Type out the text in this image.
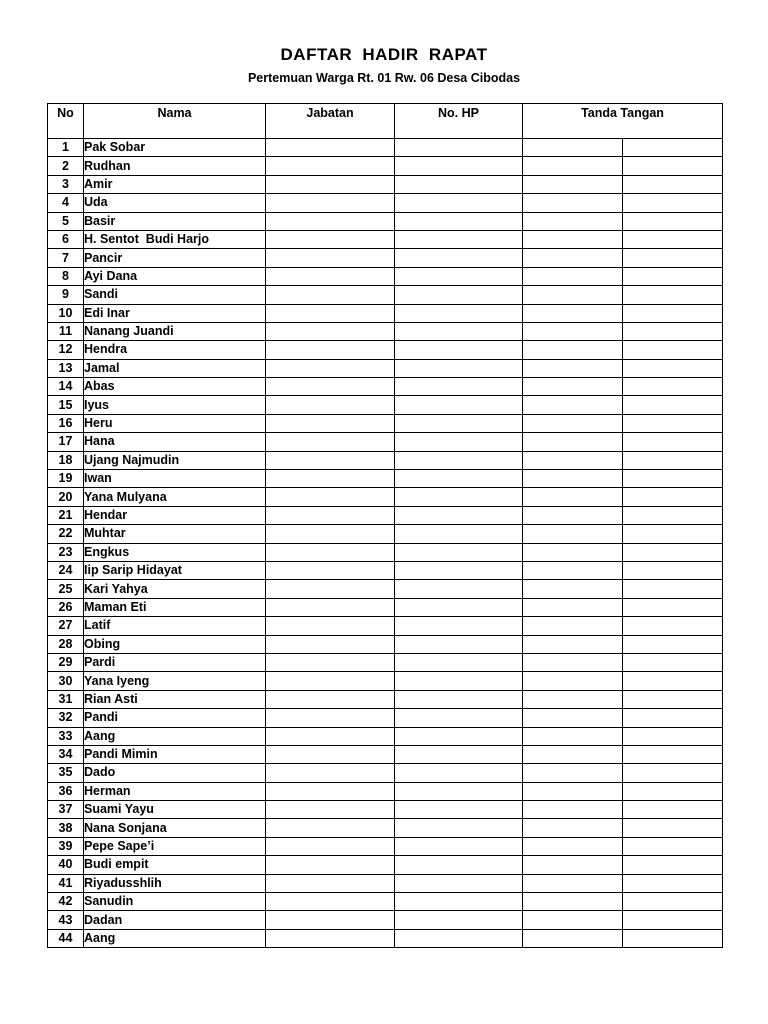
DAFTAR HADIR RAPAT

Pertemuan Warga Rt. 01 Rw. 06 Desa Cibodas

No	Nama	Jabatan	No. HP	Tanda Tangan	
1	Pak Sobar				
2	Rudhan				
3	Amir				
4	Uda				
5	Basir				
6	H. Sentot  Budi Harjo				
7	Pancir				
8	Ayi Dana				
9	Sandi				
10	Edi Inar				
11	Nanang Juandi				
12	Hendra				
13	Jamal				
14	Abas				
15	Iyus				
16	Heru				
17	Hana				
18	Ujang Najmudin				
19	Iwan				
20	Yana Mulyana				
21	Hendar				
22	Muhtar				
23	Engkus				
24	Iip Sarip Hidayat				
25	Kari Yahya				
26	Maman Eti				
27	Latif				
28	Obing				
29	Pardi				
30	Yana Iyeng				
31	Rian Asti				
32	Pandi				
33	Aang				
34	Pandi Mimin				
35	Dado				
36	Herman				
37	Suami Yayu				
38	Nana Sonjana				
39	Pepe Sape’i				
40	Budi empit				
41	Riyadusshlih				
42	Sanudin				
43	Dadan				
44	Aang				
